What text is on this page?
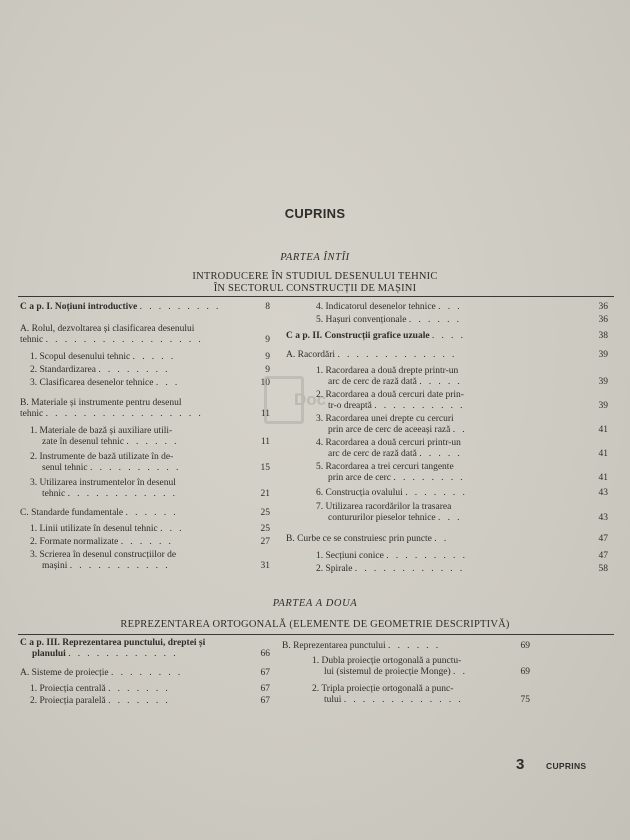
CUPRINS
PARTEA ÎNTÎI
INTRODUCERE ÎN STUDIUL DESENULUI TEHNIC
ÎN SECTORUL CONSTRUCȚII DE MAȘINI
C a p. I. Noțiuni introductive . . . . . . . . .	8
A. Rolul, dezvoltarea și clasificarea desenului
tehnic . . . . . . . . . . . . . . . . .	9
1. Scopul desenului tehnic . . . . .	9
2. Standardizarea . . . . . . . .	9
3. Clasificarea desenelor tehnice . . .	10
B. Materiale și instrumente pentru desenul
tehnic . . . . . . . . . . . . . . . . .	11
1. Materiale de bază și auxiliare utili-
zate în desenul tehnic . . . . . .	11
2. Instrumente de bază utilizate în de-
senul tehnic . . . . . . . . . .	15
3. Utilizarea instrumentelor în desenul
tehnic . . . . . . . . . . . .	21
C. Standarde fundamentale . . . . . .	25
1. Linii utilizate în desenul tehnic . . .	25
2. Formate normalizate . . . . . .	27
3. Scrierea în desenul construcțiilor de
mașini . . . . . . . . . . .	31
4. Indicatorul desenelor tehnice . . .	36
5. Hașuri convenționale . . . . . .	36
C a p. II. Construcții grafice uzuale . . . .	38
A. Racordări . . . . . . . . . . . . .	39
1. Racordarea a două drepte printr-un
arc de cerc de rază dată . . . . .	39
2. Racordarea a două cercuri date prin-
tr-o dreaptă . . . . . . . . . .	39
3. Racordarea unei drepte cu cercuri
prin arce de cerc de aceeași rază . .	41
4. Racordarea a două cercuri printr-un
arc de cerc de rază dată . . . . .	41
5. Racordarea a trei cercuri tangente
prin arce de cerc . . . . . . . .	41
6. Construcția ovalului . . . . . . .	43
7. Utilizarea racordărilor la trasarea
contururilor pieselor tehnice . . .	43
B. Curbe ce se construiesc prin puncte . .	47
1. Secțiuni conice . . . . . . . . .	47
2. Spirale . . . . . . . . . . . .	58
PARTEA A DOUA
REPREZENTAREA ORTOGONALĂ (ELEMENTE DE GEOMETRIE DESCRIPTIVĂ)
C a p. III. Reprezentarea punctului, dreptei și
planului . . . . . . . . . . . .	66
A. Sisteme de proiecție . . . . . . . .	67
1. Proiecția centrală . . . . . . .	67
2. Proiecția paralelă . . . . . . .	67
B. Reprezentarea punctului . . . . . .	69
1. Dubla proiecție ortogonală a punctu-
lui (sistemul de proiecție Monge) . .	69
2. Tripla proiecție ortogonală a punc-
tului . . . . . . . . . . . . .	75
Doc
3	CUPRINS
